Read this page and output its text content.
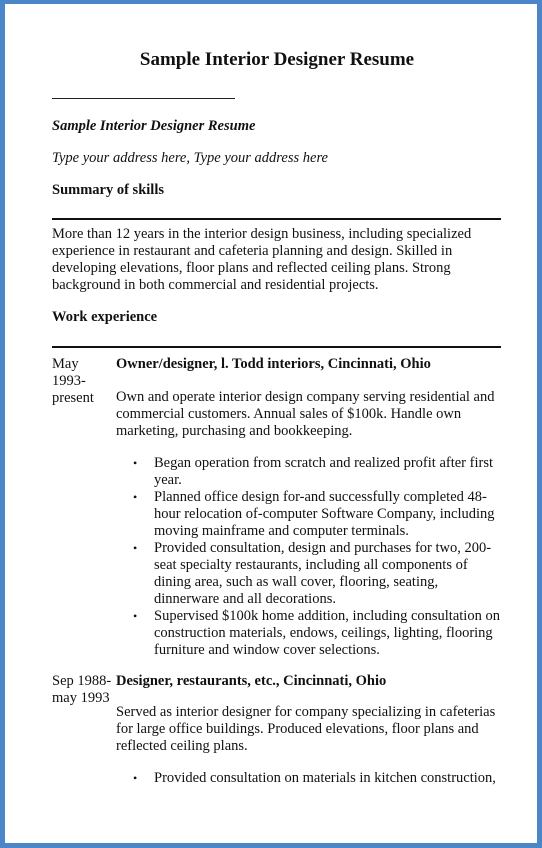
Sample Interior Designer Resume
Sample Interior Designer Resume
Type your address here, Type your address here
Summary of skills
More than 12 years in the interior design business, including specialized experience in restaurant and cafeteria planning and design. Skilled in developing elevations, floor plans and reflected ceiling plans. Strong background in both commercial and residential projects.
Work experience
May 1993-present
Owner/designer, l. Todd interiors, Cincinnati, Ohio
Own and operate interior design company serving residential and commercial customers. Annual sales of $100k. Handle own marketing, purchasing and bookkeeping.
• Began operation from scratch and realized profit after first year.
• Planned office design for-and successfully completed 48-hour relocation of-computer Software Company, including moving mainframe and computer terminals.
• Provided consultation, design and purchases for two, 200-seat specialty restaurants, including all components of dining area, such as wall cover, flooring, seating, dinnerware and all decorations.
• Supervised $100k home addition, including consultation on construction materials, endows, ceilings, lighting, flooring furniture and window cover selections.
Sep 1988- may 1993
Designer, restaurants, etc., Cincinnati, Ohio
Served as interior designer for company specializing in cafeterias for large office buildings. Produced elevations, floor plans and reflected ceiling plans.
• Provided consultation on materials in kitchen construction,
